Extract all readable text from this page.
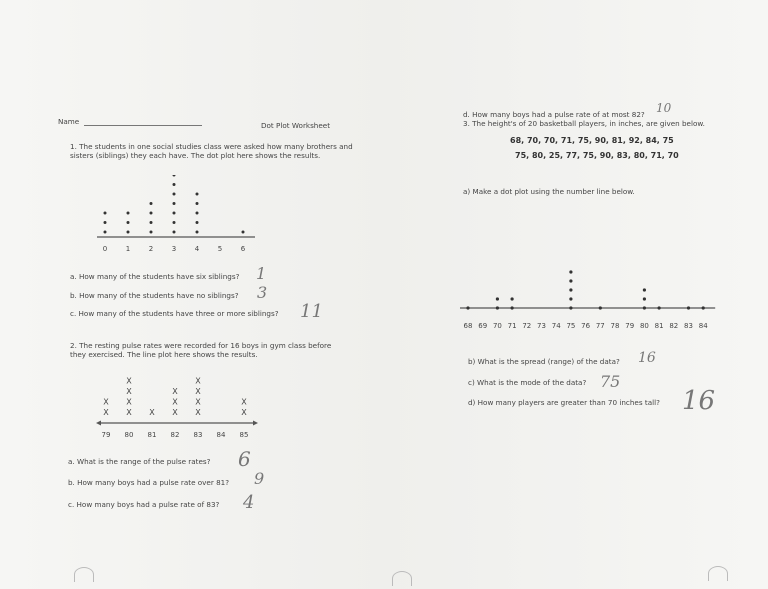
Name	Dot Plot Worksheet
1. The students in one social studies class were asked how many brothers and sisters (siblings) they each have. The dot plot here shows the results.
0	1	2	3	4	5	6
a. How many of the students have six siblings? 1
b. How many of the students have no siblings? 3
c. How many of the students have three or more siblings? 11
2. The resting pulse rates were recorded for 16 boys in gym class before they exercised. The line plot here shows the results.
79
X
X
80
X
X
X
X
81
X
82
X
X
X
83
X
X
X
X
84 85
X
X
a. What is the range of the pulse rates? 6
b. How many boys had a pulse rate over 81? 9
c. How many boys had a pulse rate of 83? 4
d. How many boys had a pulse rate of at most 82? 10
3. The height's of 20 basketball players, in inches, are given below.
68, 70, 70, 71, 75, 90, 81, 92, 84, 75
75, 80, 25, 77, 75, 90, 83, 80, 71, 70
a) Make a dot plot using the number line below.
68 69 70 71 72 73 74 75 76 77 78 79 80 81 82 83 84
b) What is the spread (range) of the data? 16
c) What is the mode of the data? 75
d) How many players are greater than 70 inches tall? 16
